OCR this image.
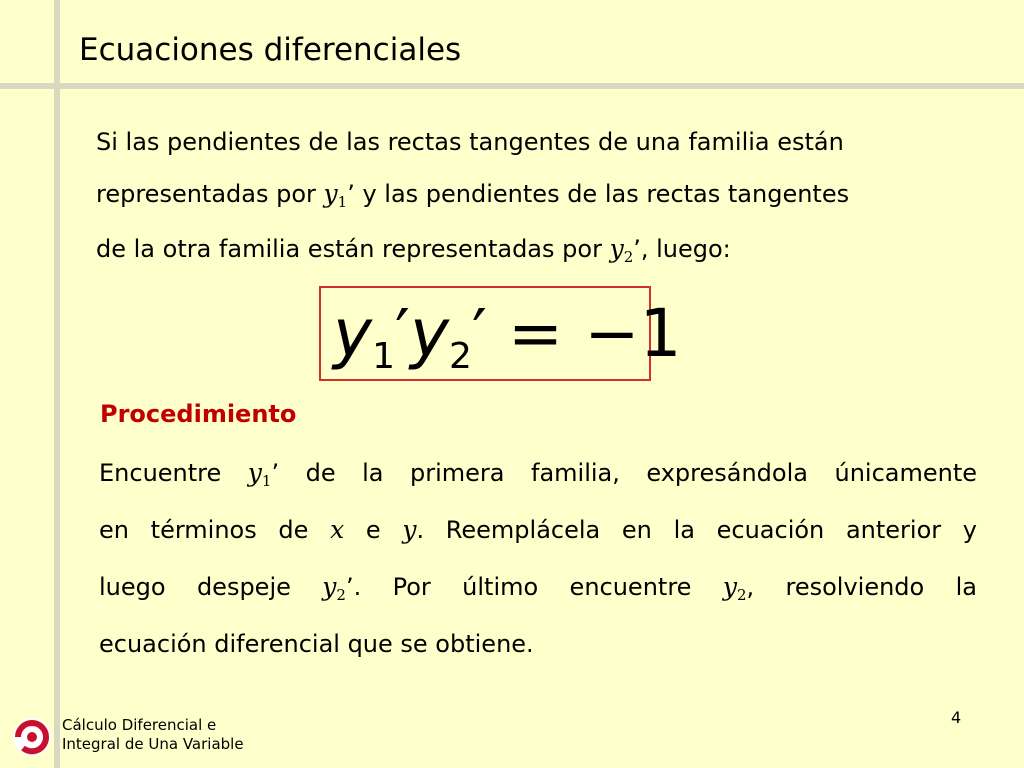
Ecuaciones diferenciales
Si las pendientes de las rectas tangentes de una familia están
representadas por $y_1$’ y las pendientes de las rectas tangentes
de la otra familia están representadas por $y_2$’, luego:
y1′y2′ = −1
Procedimiento
Encuentre $y_1$’ de la primera familia, expresándola únicamente
en términos de x e y. Reemplácela en la ecuación anterior y
luego despeje $y_2$’. Por último encuentre $y_2$, resolviendo la
ecuación diferencial que se obtiene.
Cálculo Diferencial e
Integral de Una Variable
4
